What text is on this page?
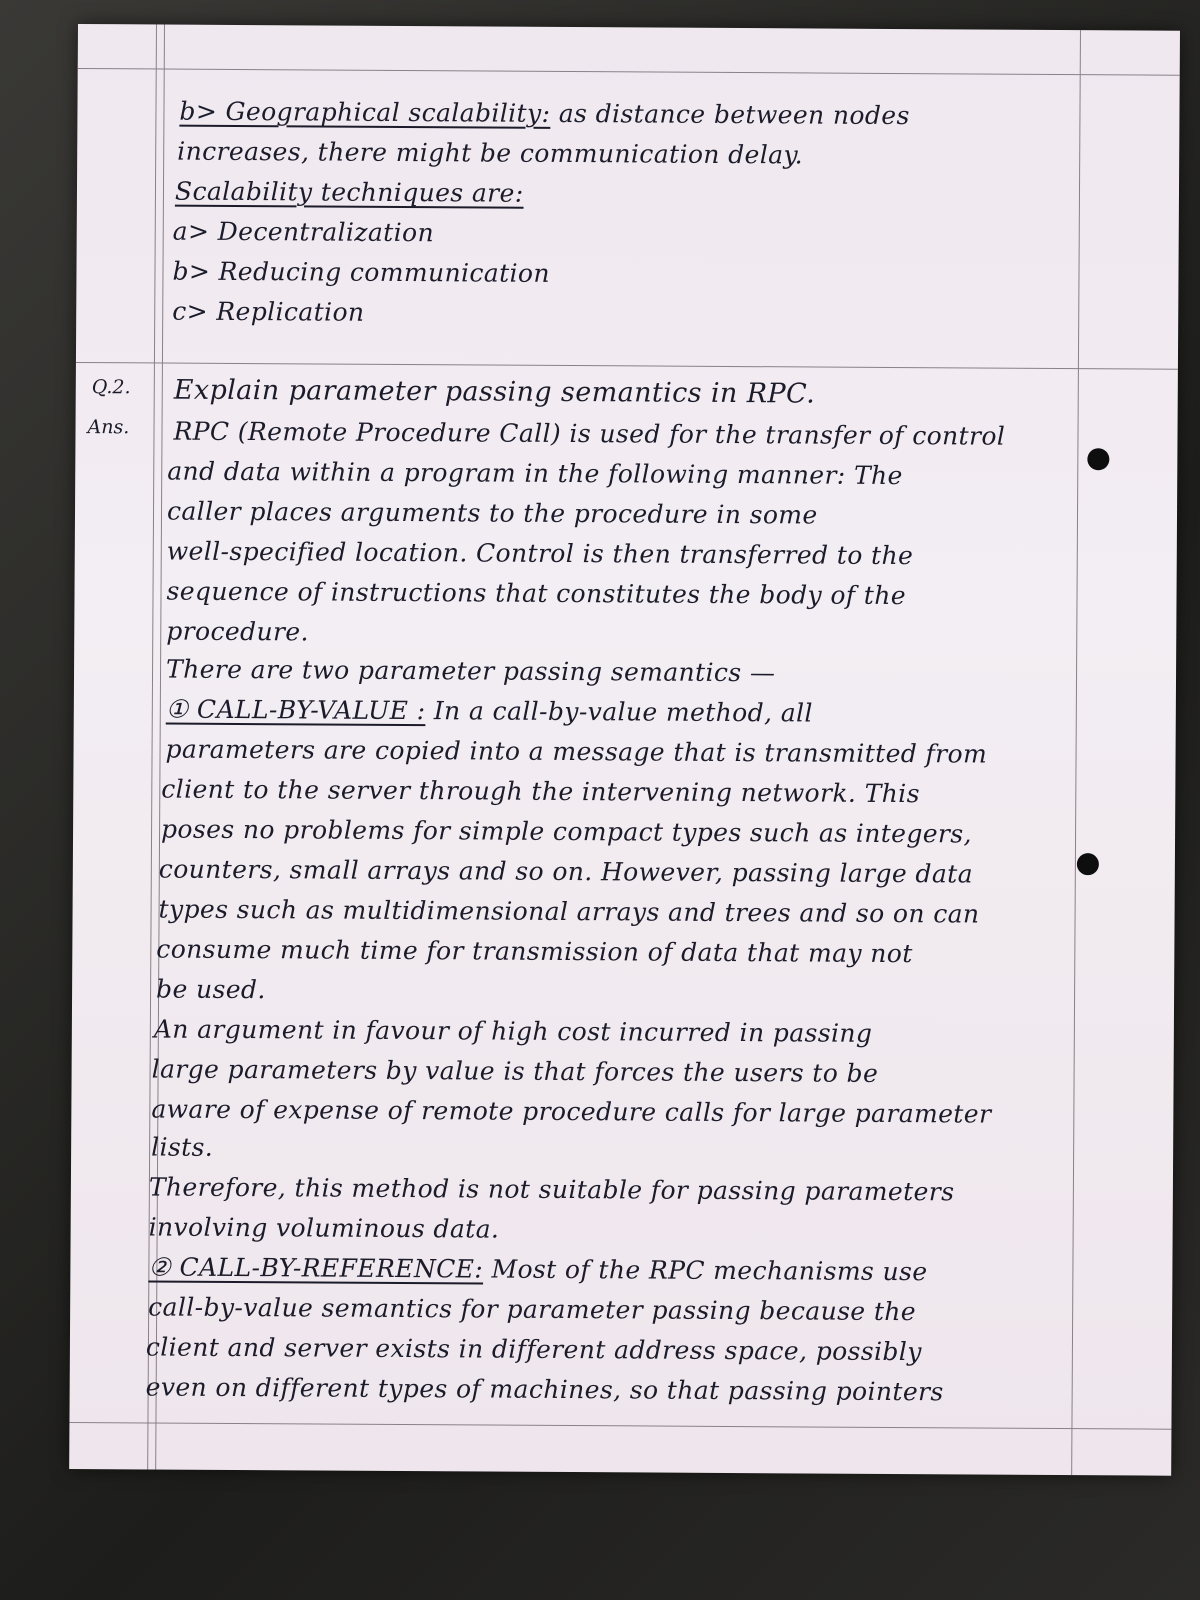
Q.2.
Ans.
b> Geographical scalability: as distance between nodes
increases, there might be communication delay.
Scalability techniques are:
a> Decentralization
b> Reducing communication
c> Replication
Explain parameter passing semantics in RPC.
RPC (Remote Procedure Call) is used for the transfer of control
and data within a program in the following manner: The
caller places arguments to the procedure in some
well-specified location. Control is then transferred to the
sequence of instructions that constitutes the body of the
procedure.
There are two parameter passing semantics —
① CALL-BY-VALUE : In a call-by-value method, all
parameters are copied into a message that is transmitted from
client to the server through the intervening network. This
poses no problems for simple compact types such as integers,
counters, small arrays and so on. However, passing large data
types such as multidimensional arrays and trees and so on can
consume much time for transmission of data that may not
be used.
An argument in favour of high cost incurred in passing
large parameters by value is that forces the users to be
aware of expense of remote procedure calls for large parameter
lists.
Therefore, this method is not suitable for passing parameters
involving voluminous data.
② CALL-BY-REFERENCE: Most of the RPC mechanisms use
call-by-value semantics for parameter passing because the
client and server exists in different address space, possibly
even on different types of machines, so that passing pointers
